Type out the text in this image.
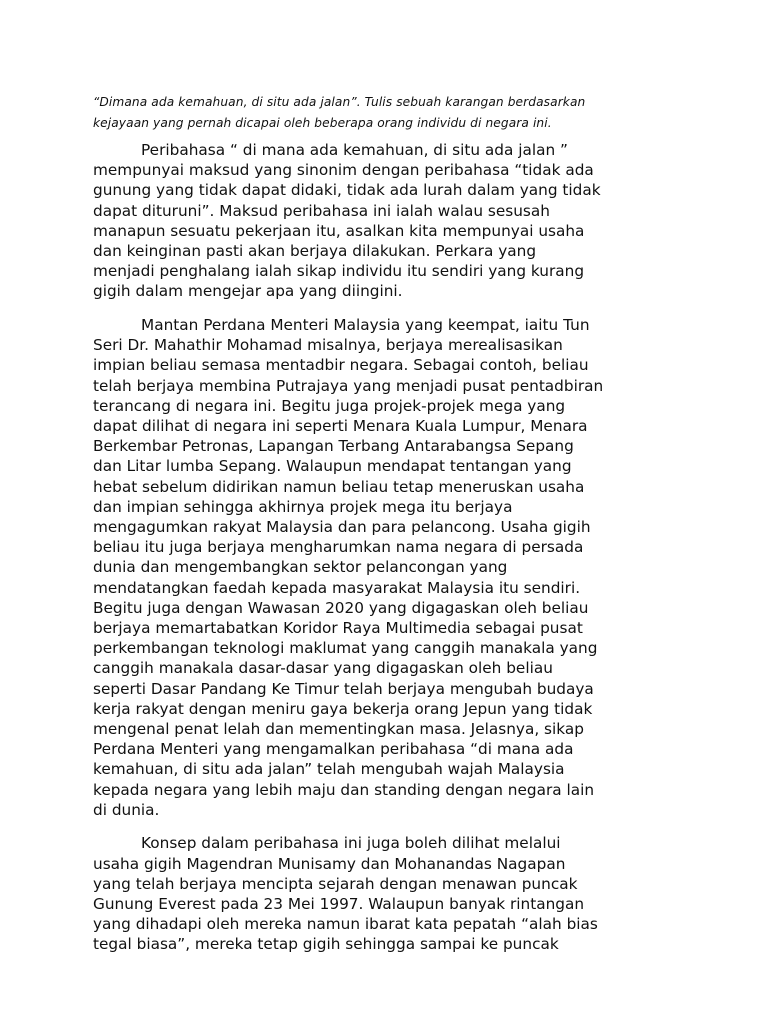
“Dimana ada kemahuan, di situ ada jalan”. Tulis sebuah karangan berdasarkan
kejayaan yang pernah dicapai oleh beberapa orang individu di negara ini.

Peribahasa “ di mana ada kemahuan, di situ ada jalan ”
mempunyai maksud yang sinonim dengan peribahasa “tidak ada
gunung yang tidak dapat didaki, tidak ada lurah dalam yang tidak
dapat dituruni”. Maksud peribahasa ini ialah walau sesusah
manapun sesuatu pekerjaan itu, asalkan kita mempunyai usaha
dan keinginan pasti akan berjaya dilakukan. Perkara yang
menjadi penghalang ialah sikap individu itu sendiri yang kurang
gigih dalam mengejar apa yang diingini.

Mantan Perdana Menteri Malaysia yang keempat, iaitu Tun
Seri Dr. Mahathir Mohamad misalnya, berjaya merealisasikan
impian beliau semasa mentadbir negara. Sebagai contoh, beliau
telah berjaya membina Putrajaya yang menjadi pusat pentadbiran
terancang di negara ini. Begitu juga projek-projek mega yang
dapat dilihat di negara ini seperti Menara Kuala Lumpur, Menara
Berkembar Petronas, Lapangan Terbang Antarabangsa Sepang
dan Litar lumba Sepang. Walaupun mendapat tentangan yang
hebat sebelum didirikan namun beliau tetap meneruskan usaha
dan impian sehingga akhirnya projek mega itu berjaya
mengagumkan rakyat Malaysia dan para pelancong. Usaha gigih
beliau itu juga berjaya mengharumkan nama negara di persada
dunia dan mengembangkan sektor pelancongan yang
mendatangkan faedah kepada masyarakat Malaysia itu sendiri.
Begitu juga dengan Wawasan 2020 yang digagaskan oleh beliau
berjaya memartabatkan Koridor Raya Multimedia sebagai pusat
perkembangan teknologi maklumat yang canggih manakala yang
canggih manakala dasar-dasar yang digagaskan oleh beliau
seperti Dasar Pandang Ke Timur telah berjaya mengubah budaya
kerja rakyat dengan meniru gaya bekerja orang Jepun yang tidak
mengenal penat lelah dan mementingkan masa. Jelasnya, sikap
Perdana Menteri yang mengamalkan peribahasa “di mana ada
kemahuan, di situ ada jalan” telah mengubah wajah Malaysia
kepada negara yang lebih maju dan standing dengan negara lain
di dunia.

Konsep dalam peribahasa ini juga boleh dilihat melalui
usaha gigih Magendran Munisamy dan Mohanandas Nagapan
yang telah berjaya mencipta sejarah dengan menawan puncak
Gunung Everest pada 23 Mei 1997. Walaupun banyak rintangan
yang dihadapi oleh mereka namun ibarat kata pepatah “alah bias
tegal biasa”, mereka tetap gigih sehingga sampai ke puncak
